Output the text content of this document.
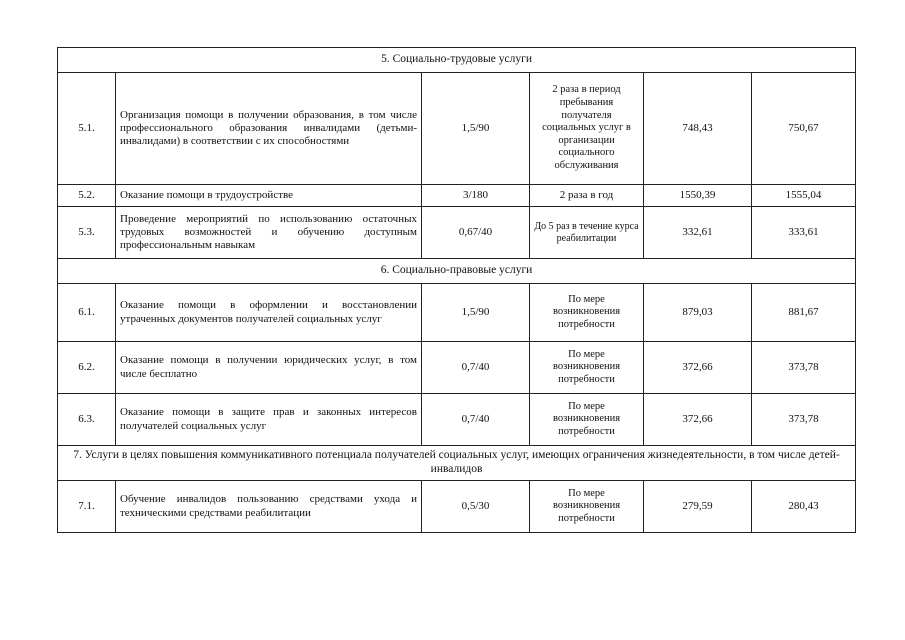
5. Социально-трудовые услуги					
5.1.	Организация помощи в получении образования, в том числе профессионального образования инвалидами (детьми-инвалидами) в соответствии с их способностями	1,5/90	2 раза в период пребывания получателя социальных услуг в организации социального обслуживания	748,43	750,67
5.2.	Оказание помощи в трудоустройстве	3/180	2 раза в год	1550,39	1555,04
5.3.	Проведение мероприятий по использованию остаточных трудовых возможностей и обучению доступным профессиональным навыкам	0,67/40	До 5 раз в течение курса реабилитации	332,61	333,61
6. Социально-правовые услуги					
6.1.	Оказание помощи в оформлении и восстановлении утраченных документов получателей социальных услуг	1,5/90	По мере возникновения потребности	879,03	881,67
6.2.	Оказание помощи в получении юридических услуг, в том числе бесплатно	0,7/40	По мере возникновения потребности	372,66	373,78
6.3.	Оказание помощи в защите прав и законных интересов получателей социальных услуг	0,7/40	По мере возникновения потребности	372,66	373,78
7. Услуги в целях повышения коммуникативного потенциала получателей социальных услуг, имеющих ограничения жизнедеятельности, в том числе детей-инвалидов					
7.1.	Обучение инвалидов пользованию средствами ухода и техническими средствами реабилитации	0,5/30	По мере возникновения потребности	279,59	280,43
